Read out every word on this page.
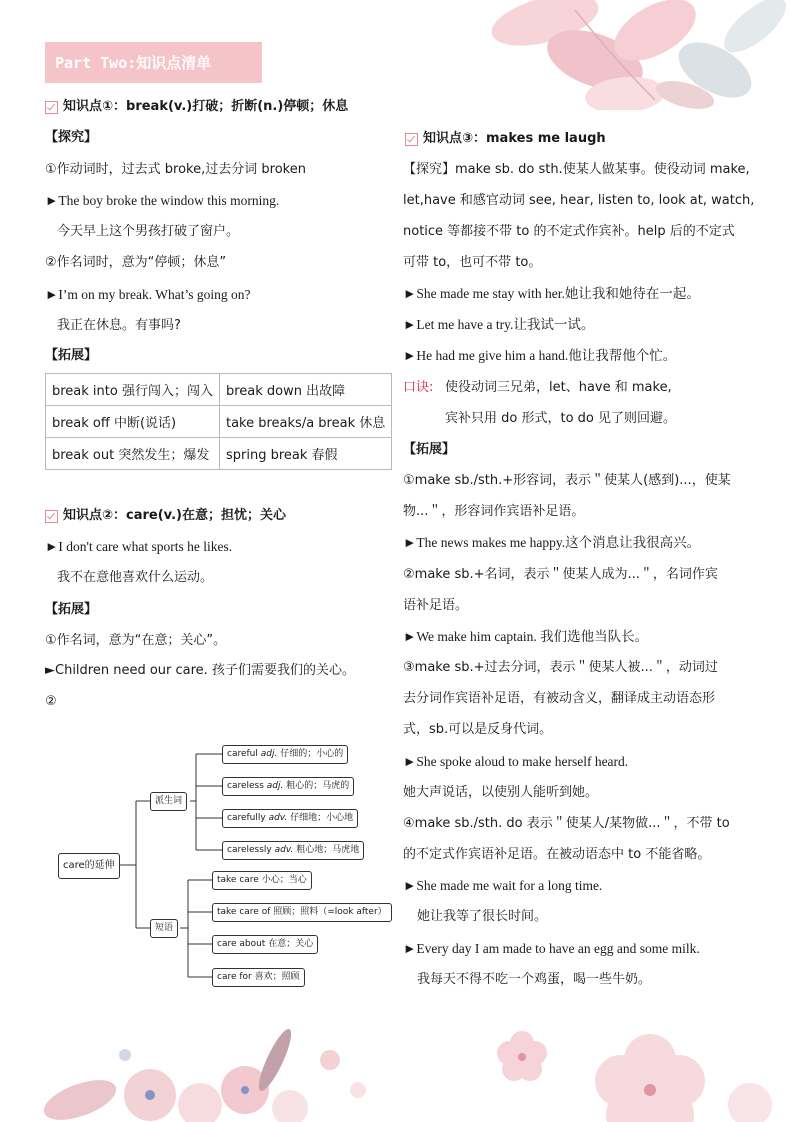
Part Two:知识点清单
知识点①：break(v.)打破；折断(n.)停顿；休息
【探究】
①作动词时，过去式 broke,过去分词 broken
►The boy broke the window this morning.
今天早上这个男孩打破了窗户。
②作名词时，意为“停顿；休息”
►I’m on my break. What’s going on?
我正在休息。有事吗?
【拓展】
break into 强行闯入；闯入	break down 出故障
break off 中断(说话)	take breaks/a break 休息
break out 突然发生；爆发	spring break 春假
知识点②：care(v.)在意；担忧；关心
►I don't care what sports he likes.
我不在意他喜欢什么运动。
【拓展】
①作名词，意为“在意；关心”。
►Children need our care. 孩子们需要我们的关心。
②
care的延伸
派生词
短语
careful adj. 仔细的；小心的
careless adj. 粗心的；马虎的
carefully adv. 仔细地；小心地
carelessly adv. 粗心地；马虎地
take care 小心；当心
take care of 照顾；照料（=look after）
care about 在意；关心
care for 喜欢；照顾
知识点③：makes me laugh
【探究】make sb. do sth.使某人做某事。使役动词 make,
let,have 和感官动词 see, hear, listen to, look at, watch,
notice 等都接不带 to 的不定式作宾补。help 后的不定式
可带 to，也可不带 to。
►She made me stay with her.她让我和她待在一起。
►Let me have a try.让我试一试。
►He had me give him a hand.他让我帮他个忙。
口诀: 使役动词三兄弟，let、have 和 make,
宾补只用 do 形式，to do 见了则回避。
【拓展】
①make sb./sth.+形容词，表示＂使某人(感到)...，使某
物...＂，形容词作宾语补足语。
►The news makes me happy.这个消息让我很高兴。
②make sb.+名词，表示＂使某人成为...＂，名词作宾
语补足语。
►We make him captain. 我们选他当队长。
③make sb.+过去分词，表示＂使某人被...＂，动词过
去分词作宾语补足语，有被动含义，翻译成主动语态形
式，sb.可以是反身代词。
►She spoke aloud to make herself heard.
她大声说话，以使别人能听到她。
④make sb./sth. do 表示＂使某人/某物做...＂，不带 to
的不定式作宾语补足语。在被动语态中 to 不能省略。
►She made me wait for a long time.
她让我等了很长时间。
►Every day I am made to have an egg and some milk.
我每天不得不吃一个鸡蛋，喝一些牛奶。
